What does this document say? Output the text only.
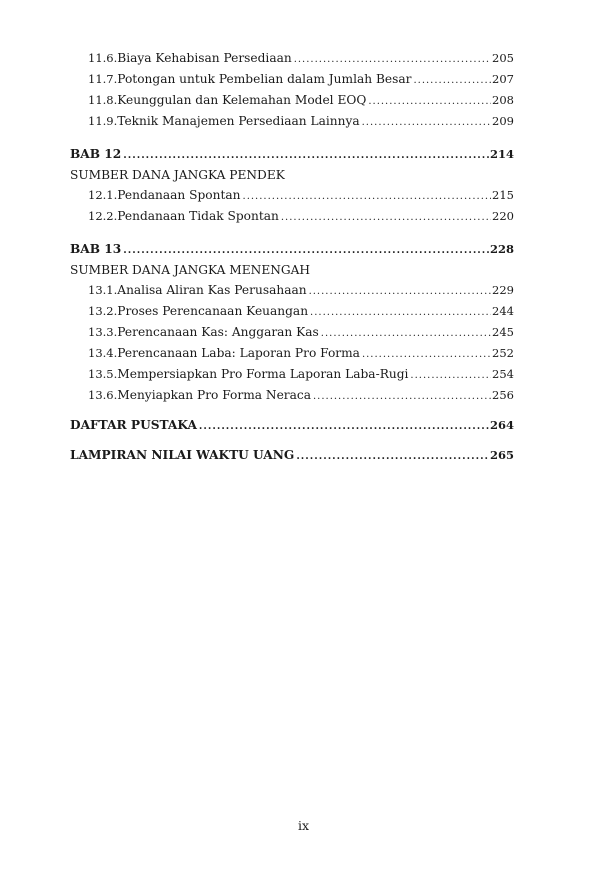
11.6. Biaya Kehabisan Persediaan .....	205
11.7. Potongan untuk Pembelian dalam Jumlah Besar .....	207
11.8. Keunggulan dan Kelemahan Model EOQ .....	208
11.9. Teknik Manajemen Persediaan Lainnya .....	209
BAB 12 .....	214
SUMBER DANA JANGKA PENDEK
12.1. Pendanaan Spontan .....	215
12.2. Pendanaan Tidak Spontan .....	220
BAB 13 .....	228
SUMBER DANA JANGKA MENENGAH
13.1. Analisa Aliran Kas Perusahaan .....	229
13.2. Proses Perencanaan Keuangan .....	244
13.3. Perencanaan Kas: Anggaran Kas .....	245
13.4. Perencanaan Laba: Laporan Pro Forma .....	252
13.5. Mempersiapkan Pro Forma Laporan Laba-Rugi .....	254
13.6. Menyiapkan Pro Forma Neraca .....	256
DAFTAR PUSTAKA .....	264
LAMPIRAN NILAI WAKTU UANG .....	265
ix
